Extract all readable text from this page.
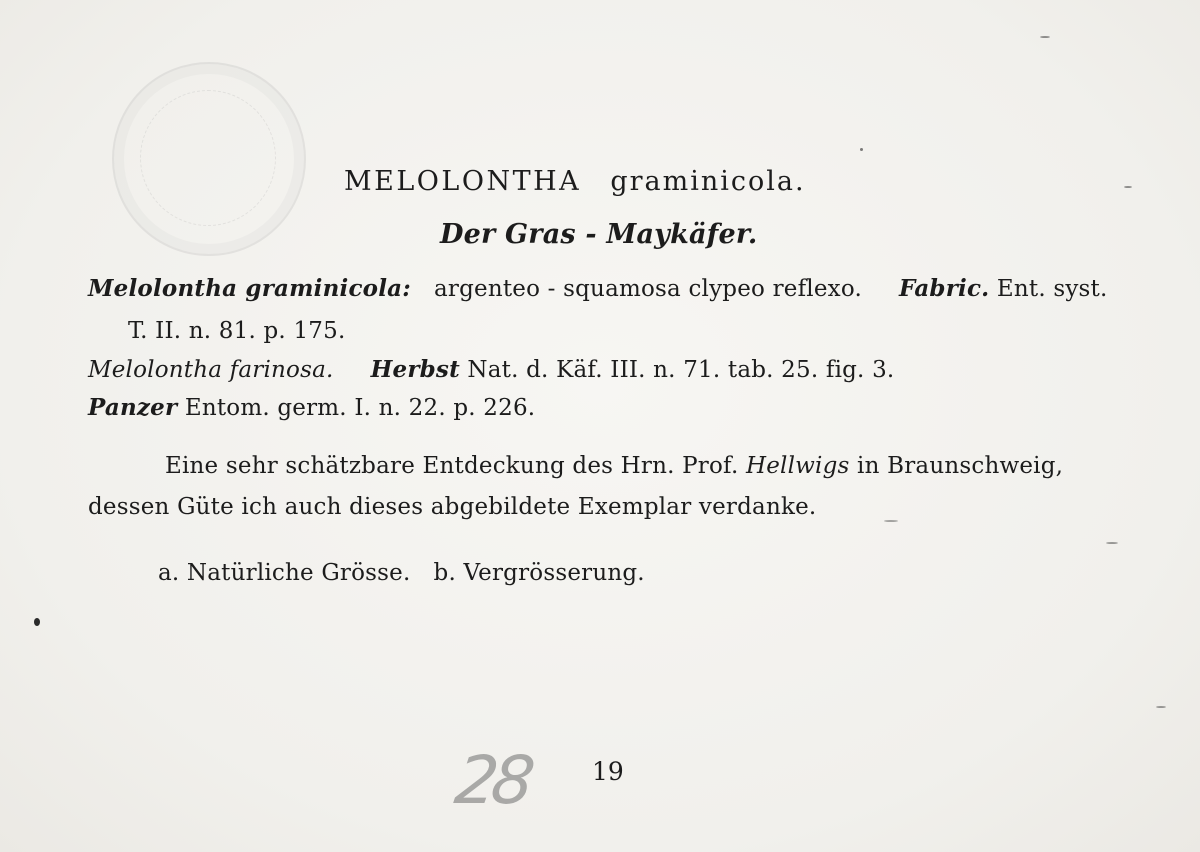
MELOLONTHA graminicola.
Der Gras - Maykäfer.
Melolontha graminicola: argenteo - squamosa clypeo reflexo. Fabric. Ent. syst.
T. II. n. 81. p. 175.
Melolontha farinosa. Herbst Nat. d. Käf. III. n. 71. tab. 25. fig. 3.
Panzer Entom. germ. I. n. 22. p. 226.
Eine sehr schätzbare Entdeckung des Hrn. Prof. Hellwigs in Braunschweig,
dessen Güte ich auch dieses abgebildete Exemplar verdanke.
a. Natürliche Grösse. b. Vergrösserung.
28 19
